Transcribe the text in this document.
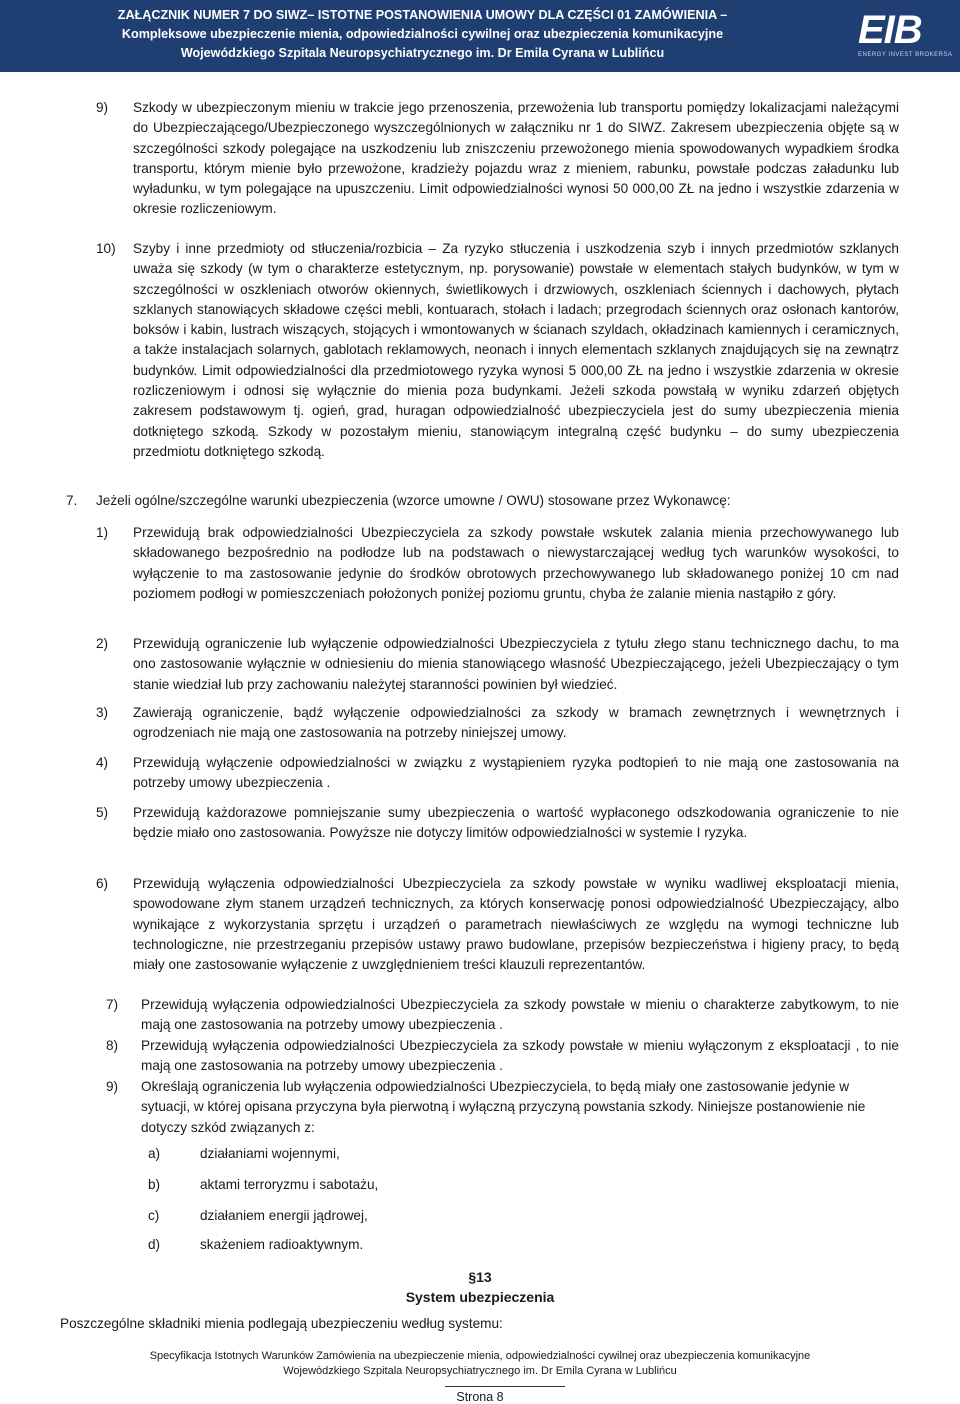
ZAŁĄCZNIK NUMER 7 DO SIWZ– ISTOTNE POSTANOWIENIA UMOWY DLA CZĘŚCI 01 ZAMÓWIENIA –
Kompleksowe ubezpieczenie mienia, odpowiedzialności cywilnej oraz ubezpieczenia komunikacyjne
Wojewódzkiego Szpitala Neuropsychiatrycznego im. Dr Emila Cyrana w Lublińcu
EIB
ENERGY INVEST BROKERSA
9) Szkody w ubezpieczonym mieniu w trakcie jego przenoszenia, przewożenia lub transportu pomiędzy lokalizacjami należącymi do Ubezpieczającego/Ubezpieczonego wyszczególnionych w załączniku nr 1 do SIWZ. Zakresem ubezpieczenia objęte są w szczególności szkody polegające na uszkodzeniu lub zniszczeniu przewożonego mienia spowodowanych wypadkiem środka transportu, którym mienie było przewożone, kradzieży pojazdu wraz z mieniem, rabunku, powstałe podczas załadunku lub wyładunku, w tym polegające na upuszczeniu. Limit odpowiedzialności wynosi 50 000,00 ZŁ na jedno i wszystkie zdarzenia w okresie rozliczeniowym.
10) Szyby i inne przedmioty od stłuczenia/rozbicia – Za ryzyko stłuczenia i uszkodzenia szyb i innych przedmiotów szklanych uważa się szkody (w tym o charakterze estetycznym, np. porysowanie) powstałe w elementach stałych budynków, w tym w szczególności w oszkleniach otworów okiennych, świetlikowych i drzwiowych, oszkleniach ściennych i dachowych, płytach szklanych stanowiących składowe części mebli, kontuarach, stołach i ladach; przegrodach ściennych oraz osłonach kantorów, boksów i kabin, lustrach wiszących, stojących i wmontowanych w ścianach szyldach, okładzinach kamiennych i ceramicznych, a także instalacjach solarnych, gablotach reklamowych, neonach i innych elementach szklanych znajdujących się na zewnątrz budynków. Limit odpowiedzialności dla przedmiotowego ryzyka wynosi 5 000,00 ZŁ na jedno i wszystkie zdarzenia w okresie rozliczeniowym i odnosi się wyłącznie do mienia poza budynkami. Jeżeli szkoda powstałą w wyniku zdarzeń objętych zakresem podstawowym tj. ogień, grad, huragan odpowiedzialność ubezpieczyciela jest do sumy ubezpieczenia mienia dotkniętego szkodą. Szkody w pozostałym mieniu, stanowiącym integralną część budynku – do sumy ubezpieczenia przedmiotu dotkniętego szkodą.
7. Jeżeli ogólne/szczególne warunki ubezpieczenia (wzorce umowne / OWU) stosowane przez Wykonawcę:
1) Przewidują brak odpowiedzialności Ubezpieczyciela za szkody powstałe wskutek zalania mienia przechowywanego lub składowanego bezpośrednio na podłodze lub na podstawach o niewystarczającej według tych warunków wysokości, to wyłączenie to ma zastosowanie jedynie do środków obrotowych przechowywanego lub składowanego poniżej 10 cm nad poziomem podłogi w pomieszczeniach położonych poniżej poziomu gruntu, chyba że zalanie mienia nastąpiło z góry.
2) Przewidują ograniczenie lub wyłączenie odpowiedzialności Ubezpieczyciela z tytułu złego stanu technicznego dachu, to ma ono zastosowanie wyłącznie w odniesieniu do mienia stanowiącego własność Ubezpieczającego, jeżeli Ubezpieczający o tym stanie wiedział lub przy zachowaniu należytej staranności powinien był wiedzieć.
3) Zawierają ograniczenie, bądź wyłączenie odpowiedzialności za szkody w bramach zewnętrznych i wewnętrznych i ogrodzeniach nie mają one zastosowania na potrzeby niniejszej umowy.
4) Przewidują wyłączenie odpowiedzialności w związku z wystąpieniem ryzyka podtopień to nie mają one zastosowania na potrzeby umowy ubezpieczenia .
5) Przewidują każdorazowe pomniejszanie sumy ubezpieczenia o wartość wypłaconego odszkodowania ograniczenie to nie będzie miało ono zastosowania. Powyższe nie dotyczy limitów odpowiedzialności w systemie I ryzyka.
6) Przewidują wyłączenia odpowiedzialności Ubezpieczyciela za szkody powstałe w wyniku wadliwej eksploatacji mienia, spowodowane złym stanem urządzeń technicznych, za których konserwację ponosi odpowiedzialność Ubezpieczający, albo wynikające z wykorzystania sprzętu i urządzeń o parametrach niewłaściwych ze względu na wymogi techniczne lub technologiczne, nie przestrzeganiu przepisów ustawy prawo budowlane, przepisów bezpieczeństwa i higieny pracy, to będą miały one zastosowanie wyłączenie z uwzględnieniem treści klauzuli reprezentantów.
7) Przewidują wyłączenia odpowiedzialności Ubezpieczyciela za szkody powstałe w mieniu o charakterze zabytkowym, to nie mają one zastosowania na potrzeby umowy ubezpieczenia .
8) Przewidują wyłączenia odpowiedzialności Ubezpieczyciela za szkody powstałe w mieniu wyłączonym z eksploatacji , to nie mają one zastosowania na potrzeby umowy ubezpieczenia .
9) Określają ograniczenia lub wyłączenia odpowiedzialności Ubezpieczyciela, to będą miały one zastosowanie jedynie w sytuacji, w której opisana przyczyna była pierwotną i wyłączną przyczyną powstania szkody. Niniejsze postanowienie nie dotyczy szkód związanych z:
a)	działaniami wojennymi,
b)	aktami terroryzmu i sabotażu,
c)	działaniem energii jądrowej,
d)	skażeniem radioaktywnym.
§13
System ubezpieczenia
Poszczególne składniki mienia podlegają ubezpieczeniu według systemu:
Specyfikacja Istotnych Warunków Zamówienia na ubezpieczenie mienia, odpowiedzialności cywilnej oraz ubezpieczenia komunikacyjne
Wojewódzkiego Szpitala Neuropsychiatrycznego im. Dr Emila Cyrana w Lublińcu
Strona 8
